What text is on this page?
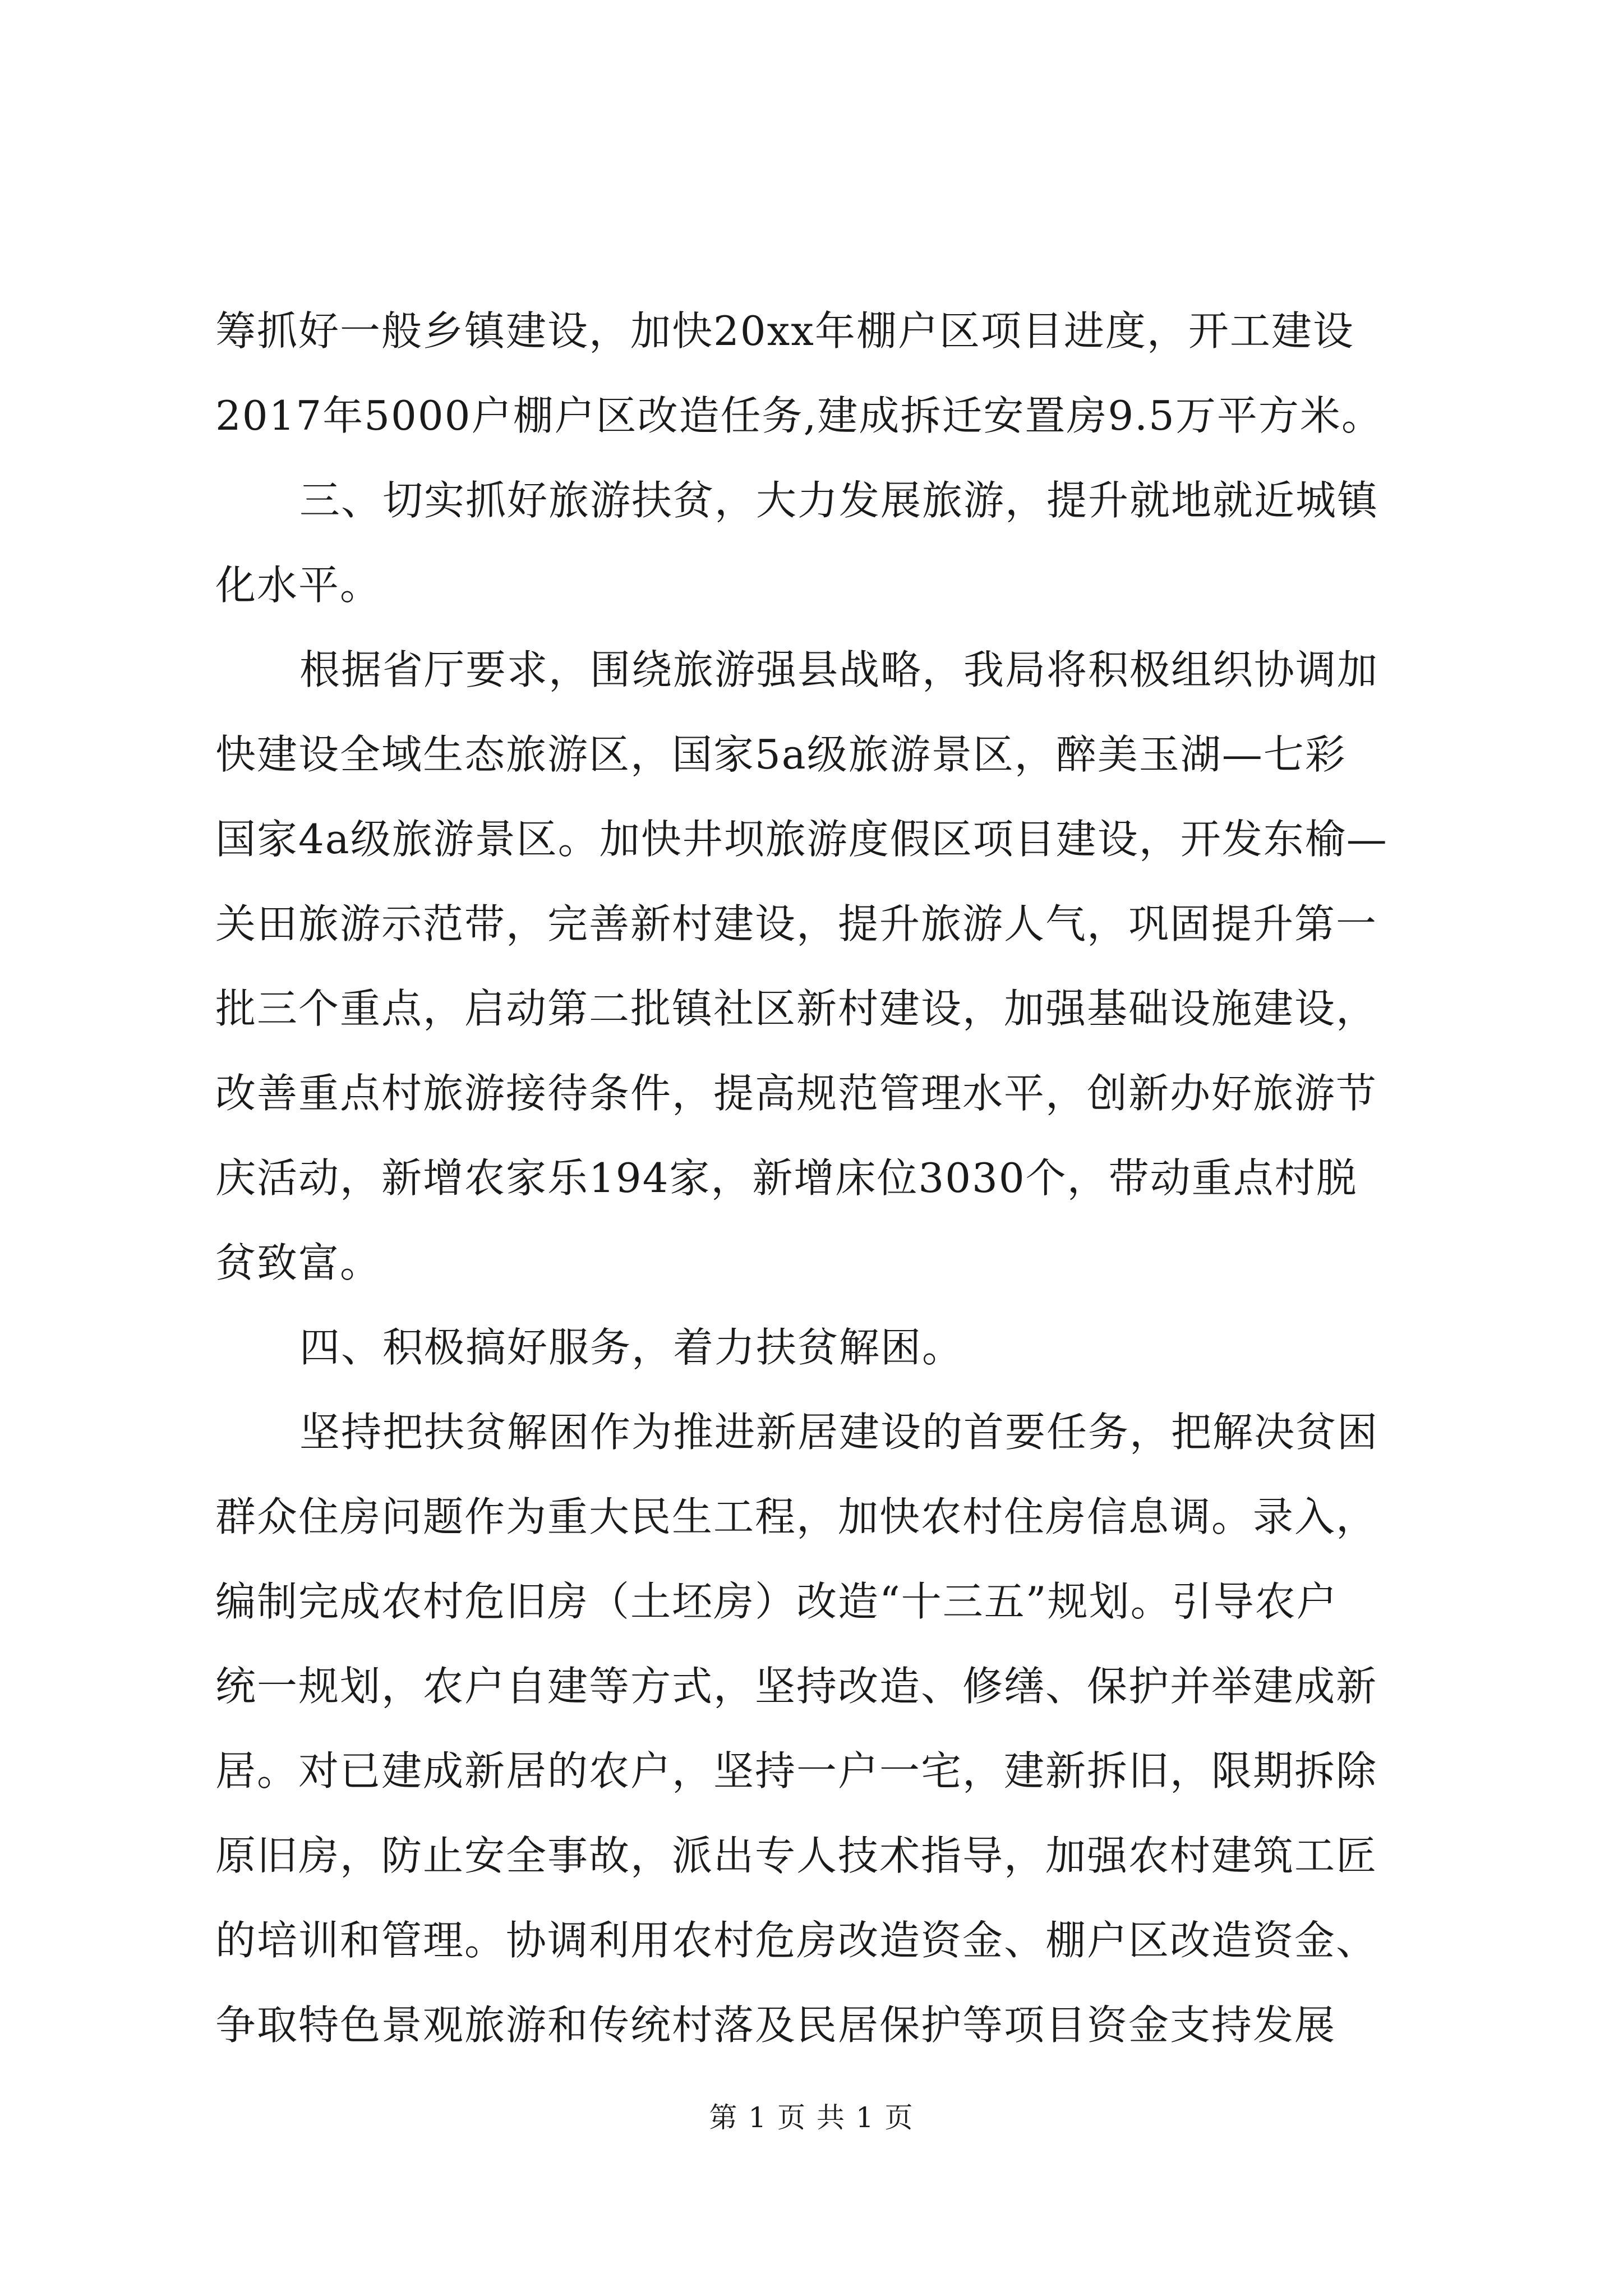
筹抓好一般乡镇建设，加快20xx年棚户区项目进度，开工建设
2017年5000户棚户区改造任务,建成拆迁安置房9.5万平方米。
三、切实抓好旅游扶贫，大力发展旅游，提升就地就近城镇
化水平。
根据省厅要求，围绕旅游强县战略，我局将积极组织协调加
快建设全域生态旅游区，国家5a级旅游景区，醉美玉湖—七彩
国家4a级旅游景区。加快井坝旅游度假区项目建设，开发东榆—
关田旅游示范带，完善新村建设，提升旅游人气，巩固提升第一
批三个重点，启动第二批镇社区新村建设，加强基础设施建设，
改善重点村旅游接待条件，提高规范管理水平，创新办好旅游节
庆活动，新增农家乐194家，新增床位3030个，带动重点村脱
贫致富。
四、积极搞好服务，着力扶贫解困。
坚持把扶贫解困作为推进新居建设的首要任务，把解决贫困
群众住房问题作为重大民生工程，加快农村住房信息调。录入，
编制完成农村危旧房（土坯房）改造“十三五”规划。引导农户
统一规划，农户自建等方式，坚持改造、修缮、保护并举建成新
居。对已建成新居的农户，坚持一户一宅，建新拆旧，限期拆除
原旧房，防止安全事故，派出专人技术指导，加强农村建筑工匠
的培训和管理。协调利用农村危房改造资金、棚户区改造资金、
争取特色景观旅游和传统村落及民居保护等项目资金支持发展
第 1 页 共 1 页
